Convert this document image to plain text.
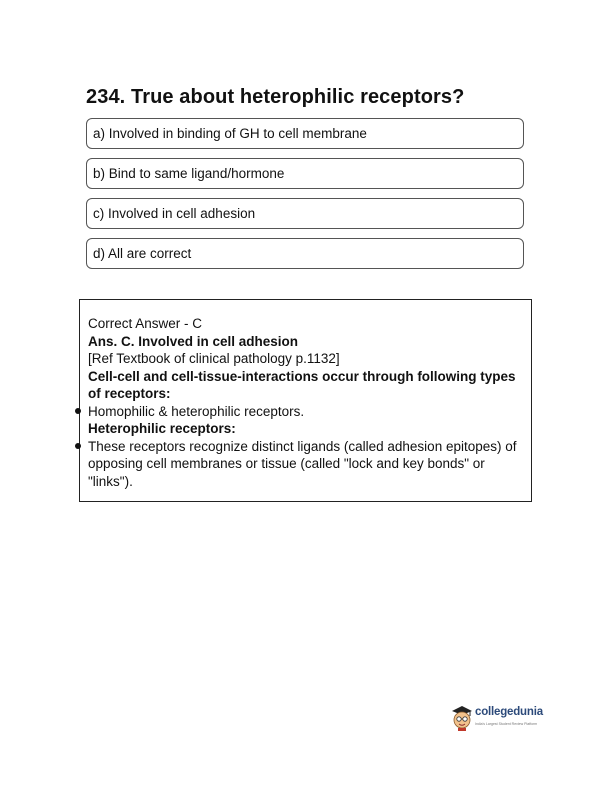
234. True about heterophilic receptors?
a) Involved in binding of GH to cell membrane
b) Bind to same ligand/hormone
c) Involved in cell adhesion
d) All are correct

Correct Answer - C

Ans. C. Involved in cell adhesion

[Ref Textbook of clinical pathology p.1132]

Cell-cell and cell-tissue-interactions occur through following types of receptors:

Homophilic & heterophilic receptors.

Heterophilic receptors:

These receptors recognize distinct ligands (called adhesion epitopes) of opposing cell membranes or tissue (called "lock and key bonds" or "links").

collegedunia
India's Largest Student Review Platform
